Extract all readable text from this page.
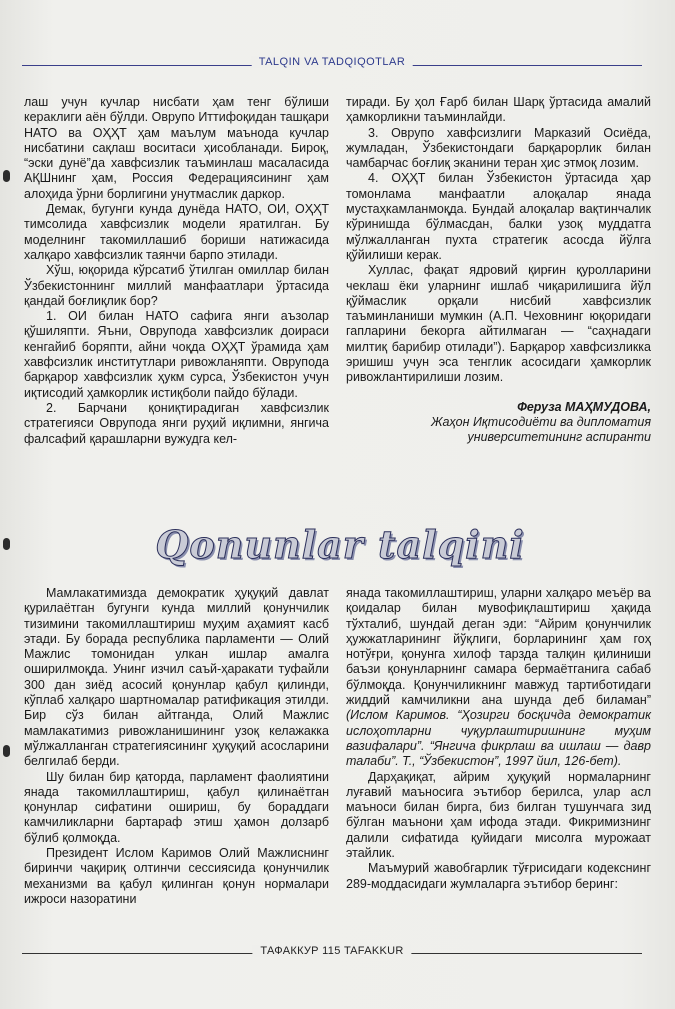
TALQIN VA TADQIQOTLAR

лаш учун кучлар нисбати ҳам тенг бўлиши кераклиги аён бўлди. Оврупо Иттифоқидан ташқари НАТО ва ОҲҲТ ҳам маълум маънода кучлар нисбатини сақлаш воситаси ҳисобланади. Бироқ, “эски дунё”да хавфсизлик таъминлаш масаласида АҚШнинг ҳам, Россия Федерациясининг ҳам алоҳида ўрни борлигини унутмаслик даркор.

Демак, бугунги кунда дунёда НАТО, ОИ, ОҲҲТ тимсолида хавфсизлик модели яратилган. Бу моделнинг такомиллашиб бориши натижасида халқаро хавфсизлик таянчи барпо этилади.

Хўш, юқорида кўрсатиб ўтилган омиллар билан Ўзбекистоннинг миллий манфаатлари ўртасида қандай боғлиқлик бор?

1. ОИ билан НАТО сафига янги аъзолар қўшиляпти. Яъни, Оврупода хавфсизлик доираси кенгайиб боряпти, айни чоқда ОҲҲТ ўрамида ҳам хавфсизлик институтлари ривожланяпти. Оврупода барқарор хавфсизлик ҳукм сурса, Ўзбекистон учун иқтисодий ҳамкорлик истиқболи пайдо бўлади.

2. Барчани қониқтирадиган хавфсизлик стратегияси Оврупода янги руҳий иқлимни, янгича фалсафий қарашларни вужудга кел-

тиради. Бу ҳол Ғарб билан Шарқ ўртасида амалий ҳамкорликни таъминлайди.

3. Оврупо хавфсизлиги Марказий Осиёда, жумладан, Ўзбекистондаги барқарорлик билан чамбарчас боғлиқ эканини теран ҳис этмоқ лозим.

4. ОҲҲТ билан Ўзбекистон ўртасида ҳар томонлама манфаатли алоқалар янада мустаҳкамланмоқда. Бундай алоқалар вақтинчалик кўринишда бўлмасдан, балки узоқ муддатга мўлжалланган пухта стратегик асосда йўлга қўйилиши керак.

Хуллас, фақат ядровий қирғин қуролларини чеклаш ёки уларнинг ишлаб чиқарилишига йўл қўймаслик орқали нисбий хавфсизлик таъминланиши мумкин (А.П. Чеховнинг юқоридаги гапларини бекорга айтилмаган — “саҳнадаги милтиқ барибир отилади”). Барқарор хавфсизликка эришиш учун эса тенглик асосидаги ҳамкорлик ривожлантирилиши лозим.

Феруза МАҲМУДОВА,
Жаҳон Иқтисодиёти ва дипломатия
университетининг аспиранти
Qonunlar talqini

Мамлакатимизда демократик ҳуқуқий давлат қурилаётган бугунги кунда миллий қонунчилик тизимини такомиллаштириш муҳим аҳамият касб этади. Бу борада республика парламенти — Олий Мажлис томонидан улкан ишлар амалга оширилмоқда. Унинг изчил саъй-ҳаракати туфайли 300 дан зиёд асосий қонунлар қабул қилинди, кўплаб халқаро шартномалар ратификация этилди. Бир сўз билан айтганда, Олий Мажлис мамлакатимиз ривожланишининг узоқ келажакка мўлжалланган стратегиясининг ҳуқуқий асосларини белгилаб берди.

Шу билан бир қаторда, парламент фаолиятини янада такомиллаштириш, қабул қилинаётган қонунлар сифатини ошириш, бу бораддаги камчиликларни бартараф этиш ҳамон долзарб бўлиб қолмоқда.

Президент Ислом Каримов Олий Мажлиснинг биринчи чақириқ олтинчи сессиясида қонунчилик механизми ва қабул қилинган қонун нормалари ижроси назоратини

янада такомиллаштириш, уларни халқаро меъёр ва қоидалар билан мувофиқлаштириш ҳақида тўхталиб, шундай деган эди: “Айрим қонунчилик ҳужжатларининг йўқлиги, борларининг ҳам гоҳ нотўғри, қонунга хилоф тарзда талқин қилиниши баъзи қонунларнинг самара бермаётганига сабаб бўлмоқда. Қонунчиликнинг мавжуд тартиботидаги жиддий камчиликни ана шунда деб биламан” (Ислом Каримов. “Ҳозирги босқичда демократик ислоҳотларни чуқурлаштиришнинг муҳим вазифалари”. “Янгича фикрлаш ва ишлаш — давр талаби”. Т., “Ўзбекистон”, 1997 йил, 126-бет).

Дарҳақиқат, айрим ҳуқуқий нормаларнинг луғавий маъносига эътибор берилса, улар асл маъноси билан бирга, биз билган тушунчага зид бўлган маънони ҳам ифода этади. Фикримизнинг далили сифатида қуйидаги мисолга мурожаат этайлик.

Маъмурий жавобгарлик тўғрисидаги кодекснинг 289-моддасидаги жумлаларга эътибор беринг:

ТАФАККУР 115 TAFAKKUR
